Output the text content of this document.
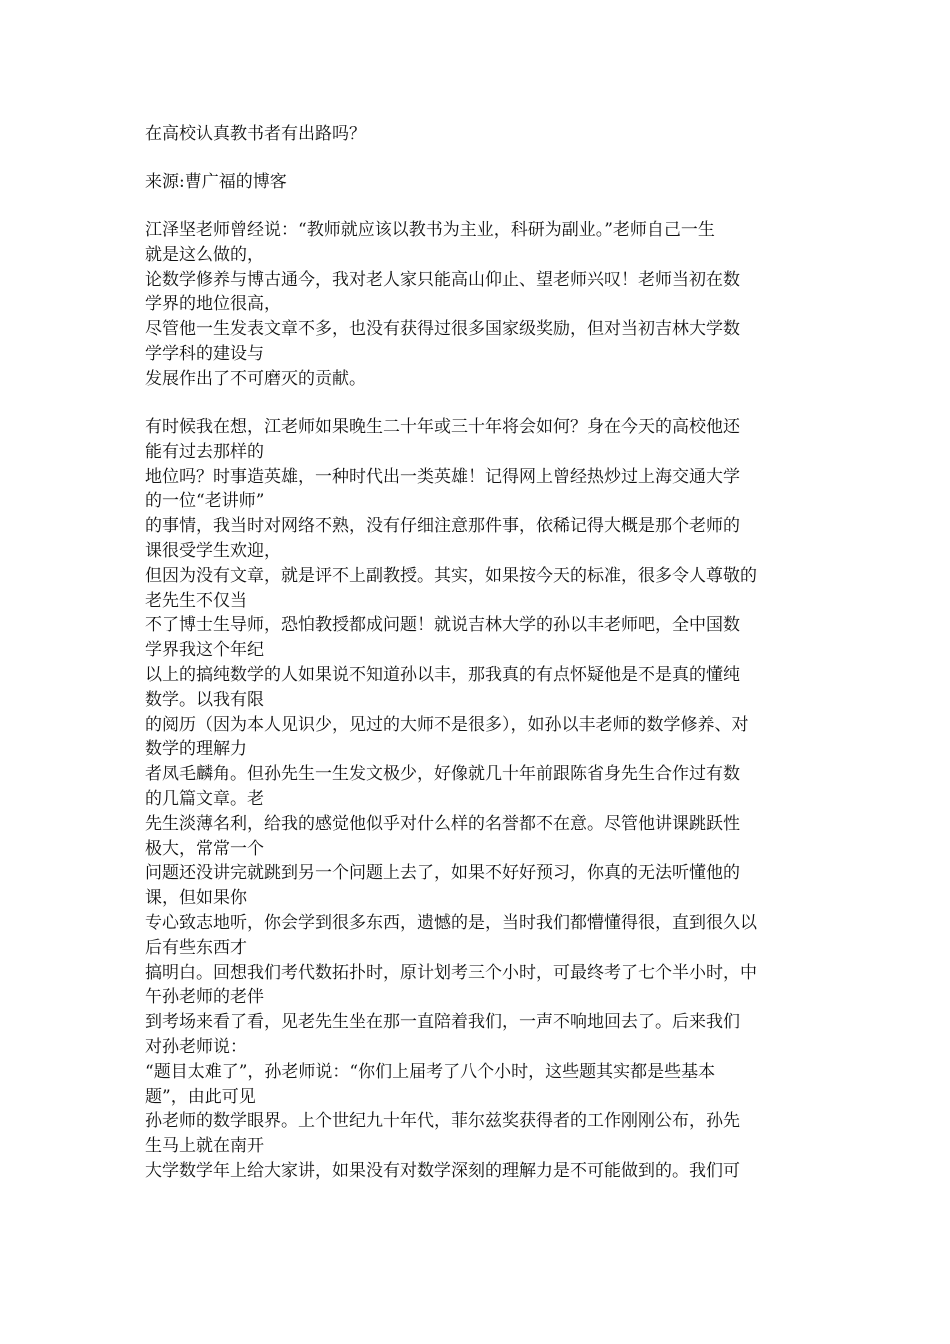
在高校认真教书者有出路吗？
来源:曹广福的博客
江泽坚老师曾经说：“教师就应该以教书为主业，科研为副业。”老师自己一生
就是这么做的，
论数学修养与博古通今，我对老人家只能高山仰止、望老师兴叹！老师当初在数
学界的地位很高，
尽管他一生发表文章不多，也没有获得过很多国家级奖励，但对当初吉林大学数
学学科的建设与
发展作出了不可磨灭的贡献。
有时候我在想，江老师如果晚生二十年或三十年将会如何？身在今天的高校他还
能有过去那样的
地位吗？时事造英雄，一种时代出一类英雄！记得网上曾经热炒过上海交通大学
的一位“老讲师”
的事情，我当时对网络不熟，没有仔细注意那件事，依稀记得大概是那个老师的
课很受学生欢迎，
但因为没有文章，就是评不上副教授。其实，如果按今天的标准，很多令人尊敬的
老先生不仅当
不了博士生导师，恐怕教授都成问题！就说吉林大学的孙以丰老师吧，全中国数
学界我这个年纪
以上的搞纯数学的人如果说不知道孙以丰，那我真的有点怀疑他是不是真的懂纯
数学。以我有限
的阅历（因为本人见识少，见过的大师不是很多），如孙以丰老师的数学修养、对
数学的理解力
者凤毛麟角。但孙先生一生发文极少，好像就几十年前跟陈省身先生合作过有数
的几篇文章。老
先生淡薄名利，给我的感觉他似乎对什么样的名誉都不在意。尽管他讲课跳跃性
极大，常常一个
问题还没讲完就跳到另一个问题上去了，如果不好好预习，你真的无法听懂他的
课，但如果你
专心致志地听，你会学到很多东西，遗憾的是，当时我们都懵懂得很，直到很久以
后有些东西才
搞明白。回想我们考代数拓扑时，原计划考三个小时，可最终考了七个半小时，中
午孙老师的老伴
到考场来看了看，见老先生坐在那一直陪着我们，一声不响地回去了。后来我们
对孙老师说：
“题目太难了”，孙老师说：“你们上届考了八个小时，这些题其实都是些基本
题”，由此可见
孙老师的数学眼界。上个世纪九十年代，菲尔兹奖获得者的工作刚刚公布，孙先
生马上就在南开
大学数学年上给大家讲，如果没有对数学深刻的理解力是不可能做到的。我们可
